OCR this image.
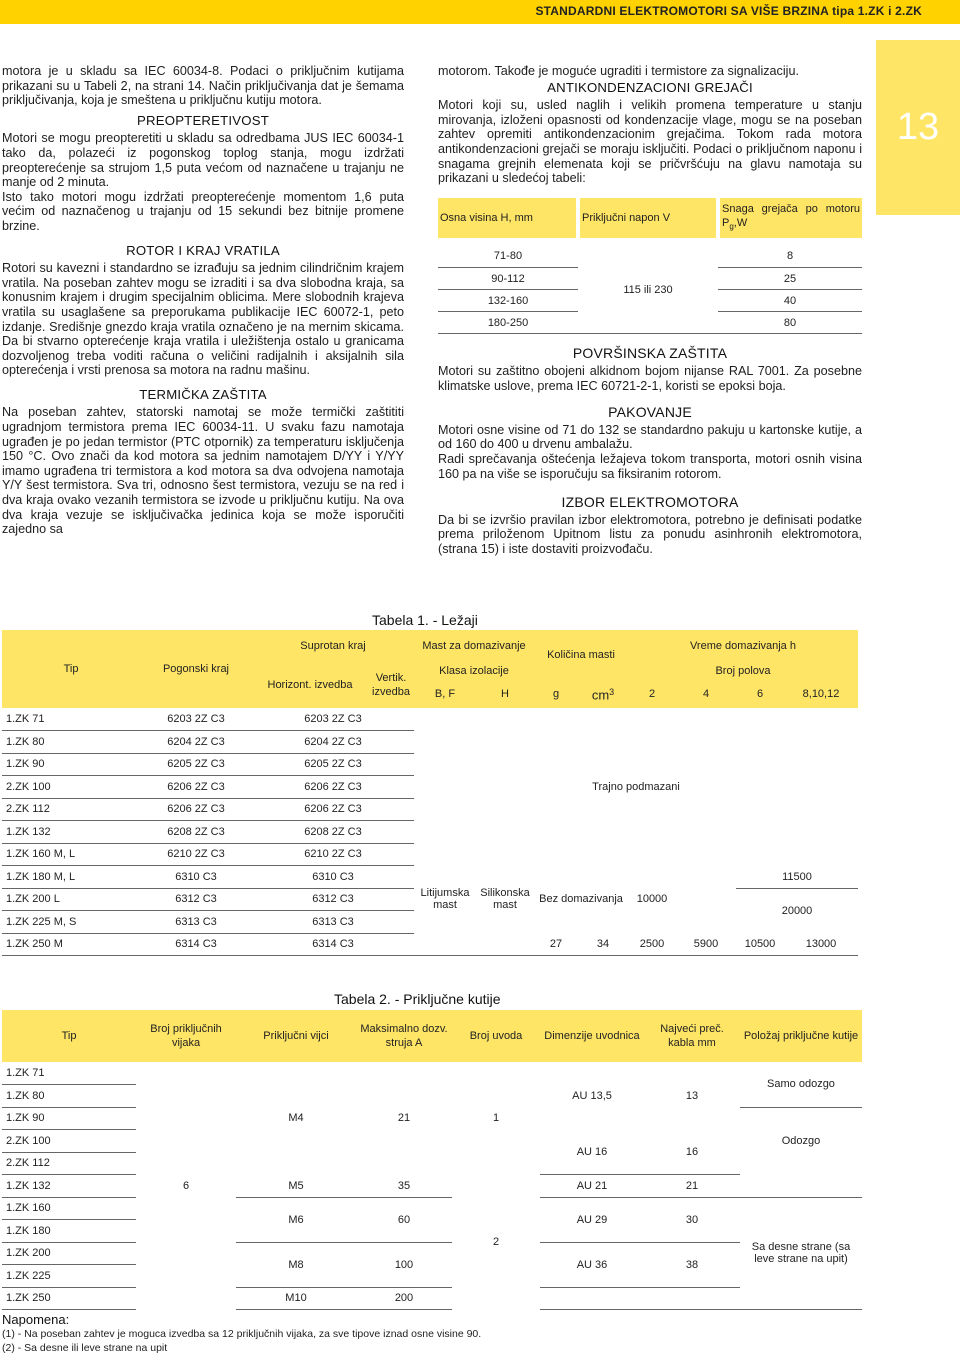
STANDARDNI ELEKTROMOTORI SA VIŠE BRZINA tipa 1.ZK i 2.ZK
13

motora je u skladu sa IEC 60034-8. Podaci o priključnim kutijama prikazani su u Tabeli 2, na strani 14. Način priključivanja dat je šemama priključivanja, koja je smeštena u priključnu kutiju motora.

PREOPTERETIVOST

Motori se mogu preopteretiti u skladu sa odredbama JUS IEC 60034-1 tako da, polazeći iz pogonskog toplog stanja, mogu izdržati preopterećenje sa strujom 1,5 puta većom od naznačene u trajanju ne manje od 2 minuta.

Isto tako motori mogu izdržati preopterećenje momentom 1,6 puta većim od naznačenog u trajanju od 15 sekundi bez bitnije promene brzine.

ROTOR I KRAJ VRATILA

Rotori su kavezni i standardno se izrađuju sa jednim cilindričnim krajem vratila. Na poseban zahtev mogu se izraditi i sa dva slobodna kraja, sa konusnim krajem i drugim specijalnim oblicima. Mere slobodnih krajeva vratila su usaglašene sa preporukama publikacije IEC 60072-1, peto izdanje. Središnje gnezdo kraja vratila označeno je na mernim skicama. Da bi stvarno opterećenje kraja vratila i uležištenja ostalo u granicama dozvoljenog treba voditi računa o veličini radijalnih i aksijalnih sila opterećenja i vrsti prenosa sa motora na radnu mašinu.

TERMIČKA ZAŠTITA

Na poseban zahtev, statorski namotaj se može termički zaštititi ugradnjom termistora prema IEC 60034-11. U svaku fazu namotaja ugrađen je po jedan termistor (PTC otpornik) za temperaturu isključenja 150 °C. Ovo znači da kod motora sa jednim namotajem D/YY i Y/YY imamo ugrađena tri termistora a kod motora sa dva odvojena namotaja Y/Y šest termistora. Sva tri, odnosno šest termistora, vezuju se na red i dva kraja ovako vezanih termistora se izvode u priključnu kutiju. Na ova dva kraja vezuje se isključivačka jedinica koja se može isporučiti zajedno sa

motorom. Takođe je moguće ugraditi i termistore za signalizaciju.

ANTIKONDENZACIONI GREJAČI

Motori koji su, usled naglih i velikih promena temperature u stanju mirovanja, izloženi opasnosti od kondenzacije vlage, mogu se na poseban zahtev opremiti antikondenzacionim grejačima. Tokom rada motora antikondenzacioni grejači se moraju isključiti. Podaci o priključnom naponu i snagama grejnih elemenata koji se pričvršćuju na glavu namotaja su prikazani u sledećoj tabeli:

Osna visina H, mm	Priključni napon V	Snaga grejača po motoru $P_g,W$

71-80		8
90-112	115 ili 230	25
132-160		40
180-250		80
POVRŠINSKA ZAŠTITA

Motori su zaštitno obojeni alkidnom bojom nijanse RAL 7001. Za posebne klimatske uslove, prema IEC 60721-2-1, koristi se epoksi boja.

PAKOVANJE

Motori osne visine od 71 do 132 se standardno pakuju u kartonske kutije, a od 160 do 400 u drvenu ambalažu.

Radi sprečavanja oštećenja ležajeva tokom transporta, motori osnih visina 160 pa na više se isporučuju sa fiksiranim rotorom.

IZBOR ELEKTROMOTORA

Da bi se izvršio pravilan izbor elektromotora, potrebno je definisati podatke prema priloženom Upitnom listu za ponudu asinhronih elektromotora, (strana 15) i iste dostaviti proizvođaču.

Tabela 1. - Ležaji
Tip	Pogonski kraj	Suprotan kraj		Mast za domazivanje		Količina masti		Vreme domazivanja h			
		Horizont. izvedba	Vertik. izvedba	Klasa izolacije				Broj polova			
				B, F	H	g	$cm^3$	2	4	6	8,10,12
1.ZK 71	6203 2Z C3	6203 2Z C3		Trajno podmazani							

1.ZK 80	6204 2Z C3	6204 2Z C3									
1.ZK 90	6205 2Z C3	6205 2Z C3									
2.ZK 100	6206 2Z C3	6206 2Z C3									
2.ZK 112	6206 2Z C3	6206 2Z C3									
1.ZK 132	6208 2Z C3	6208 2Z C3									
1.ZK 160 M, L	6210 2Z C3	6210 2Z C3									
1.ZK 180 M, L	6310 C3	6310 C3		Litijumska mast	Silikonska mast	Bez domazivanja		10000		11500	
1.ZK 200 L	6312 C3	6312 C3								20000	
1.ZK 225 M, S	6313 C3	6313 C3									
1.ZK 250 M	6314 C3	6314 C3				27	34	2500	5900	10500	13000
Tabela 2. - Priključne kutije
Tip	Broj priključnih vijaka	Priključni vijci	Maksimalno dozv. struja A	Broj uvoda	Dimenzije uvodnica	Najveći preč. kabla mm	Položaj priključne kutije
1.ZK 71	6	M4	21	1	AU 13,5	13	Samo odozgo
1.ZK 80							
1.ZK 90							Odozgo
2.ZK 100					AU 16	16	
2.ZK 112							
1.ZK 132		M5	35	2	AU 21	21	
1.ZK 160		M6	60		AU 29	30	Sa desne strane (sa leve strane na upit)
1.ZK 180							
1.ZK 200		M8	100		AU 36	38	
1.ZK 225							
1.ZK 250		M10	200				
Napomena:
(1) - Na poseban zahtev je moguca izvedba sa 12 priključnih vijaka, za sve tipove iznad osne visine 90.
(2) - Sa desne ili leve strane na upit
